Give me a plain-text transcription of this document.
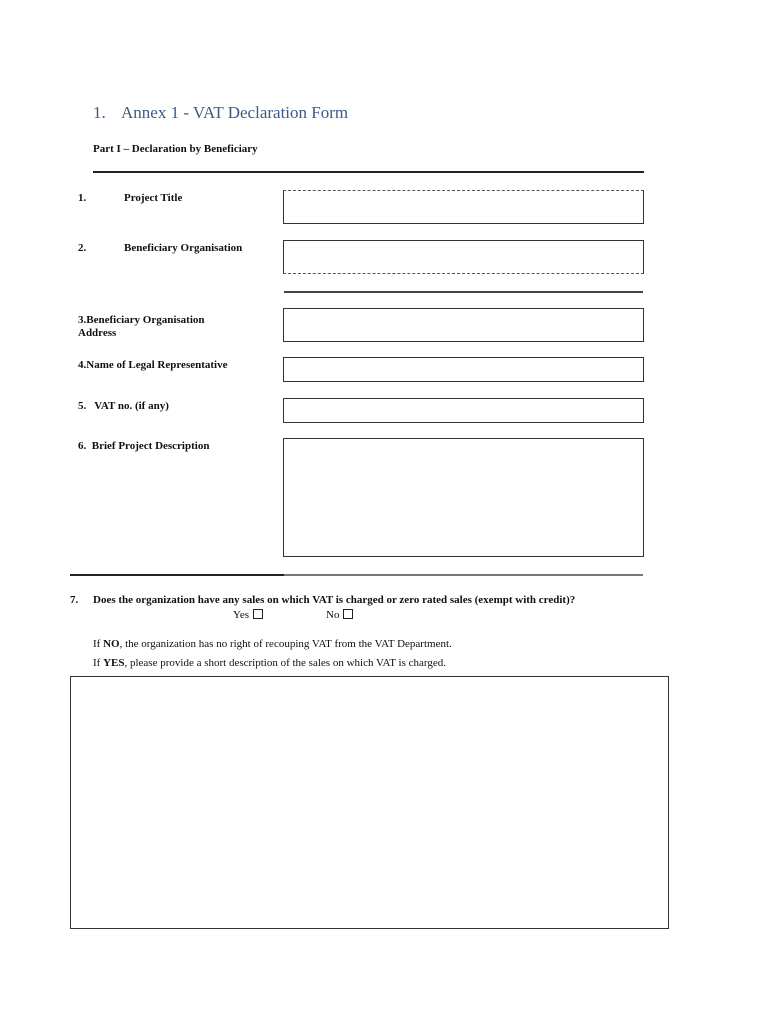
1. Annex 1 - VAT Declaration Form
Part I – Declaration by Beneficiary
1.	Project Title
2.	Beneficiary Organisation
3.Beneficiary Organisation
Address
4.Name of Legal Representative
5.   VAT no. (if any)
6.  Brief Project Description
7. Does the organization have any sales on which VAT is charged or zero rated sales (exempt with credit)?
Yes	No
If NO, the organization has no right of recouping VAT from the VAT Department.
If YES, please provide a short description of the sales on which VAT is charged.
